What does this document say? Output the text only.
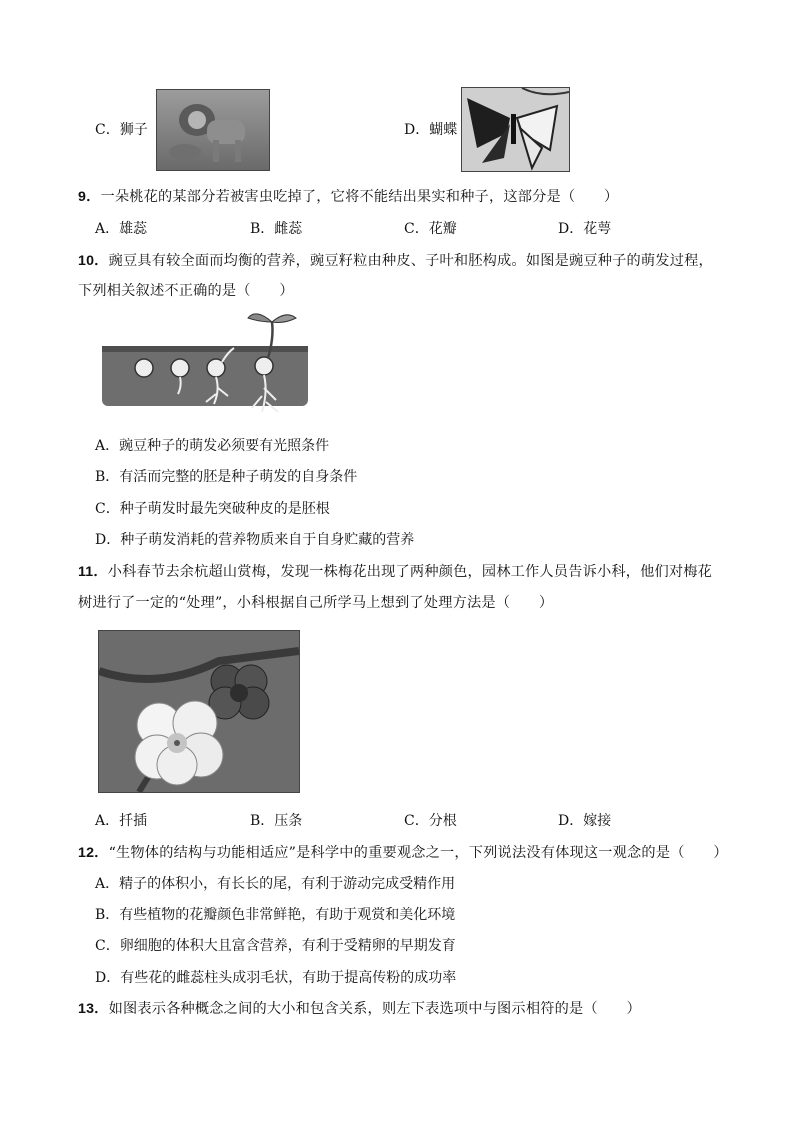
C．狮子	D．蝴蝶
9．一朵桃花的某部分若被害虫吃掉了，它将不能结出果实和种子，这部分是（　　）
A．雄蕊	B．雌蕊	C．花瓣	D．花萼
10．豌豆具有较全面而均衡的营养，豌豆籽粒由种皮、子叶和胚构成。如图是豌豆种子的萌发过程，
下列相关叙述不正确的是（　　）
A．豌豆种子的萌发必须要有光照条件
B．有活而完整的胚是种子萌发的自身条件
C．种子萌发时最先突破种皮的是胚根
D．种子萌发消耗的营养物质来自于自身贮藏的营养
11．小科春节去余杭超山赏梅，发现一株梅花出现了两种颜色，园林工作人员告诉小科，他们对梅花
树进行了一定的“处理”，小科根据自己所学马上想到了处理方法是（　　）
A．扦插	B．压条	C．分根	D．嫁接
12．“生物体的结构与功能相适应”是科学中的重要观念之一，下列说法没有体现这一观念的是（　　）
A．精子的体积小，有长长的尾，有利于游动完成受精作用
B．有些植物的花瓣颜色非常鲜艳，有助于观赏和美化环境
C．卵细胞的体积大且富含营养，有利于受精卵的早期发育
D．有些花的雌蕊柱头成羽毛状，有助于提高传粉的成功率
13．如图表示各种概念之间的大小和包含关系，则左下表选项中与图示相符的是（　　）
